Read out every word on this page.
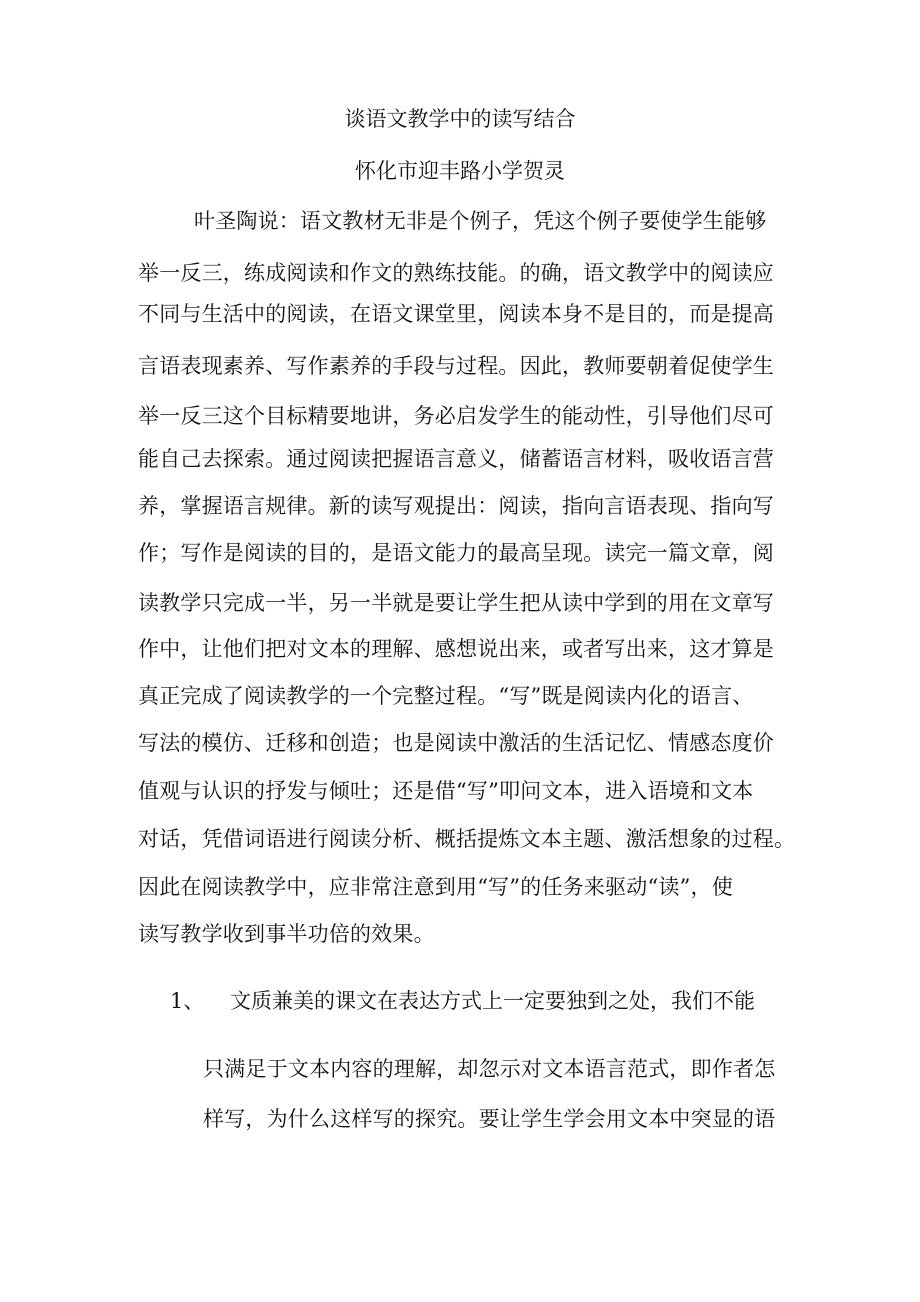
谈语文教学中的读写结合
怀化市迎丰路小学贺灵
叶圣陶说：语文教材无非是个例子，凭这个例子要使学生能够
举一反三，练成阅读和作文的熟练技能。的确，语文教学中的阅读应
不同与生活中的阅读，在语文课堂里，阅读本身不是目的，而是提高
言语表现素养、写作素养的手段与过程。因此，教师要朝着促使学生
举一反三这个目标精要地讲，务必启发学生的能动性，引导他们尽可
能自己去探索。通过阅读把握语言意义，储蓄语言材料，吸收语言营
养，掌握语言规律。新的读写观提出：阅读，指向言语表现、指向写
作；写作是阅读的目的，是语文能力的最高呈现。读完一篇文章，阅
读教学只完成一半，另一半就是要让学生把从读中学到的用在文章写
作中，让他们把对文本的理解、感想说出来，或者写出来，这才算是
真正完成了阅读教学的一个完整过程。“写”既是阅读内化的语言、
写法的模仿、迁移和创造；也是阅读中激活的生活记忆、情感态度价
值观与认识的抒发与倾吐；还是借“写”叩问文本，进入语境和文本
对话，凭借词语进行阅读分析、概括提炼文本主题、激活想象的过程。
因此在阅读教学中，应非常注意到用“写”的任务来驱动“读”，使
读写教学收到事半功倍的效果。
1、 文质兼美的课文在表达方式上一定要独到之处，我们不能
只满足于文本内容的理解，却忽示对文本语言范式，即作者怎
样写，为什么这样写的探究。要让学生学会用文本中突显的语
